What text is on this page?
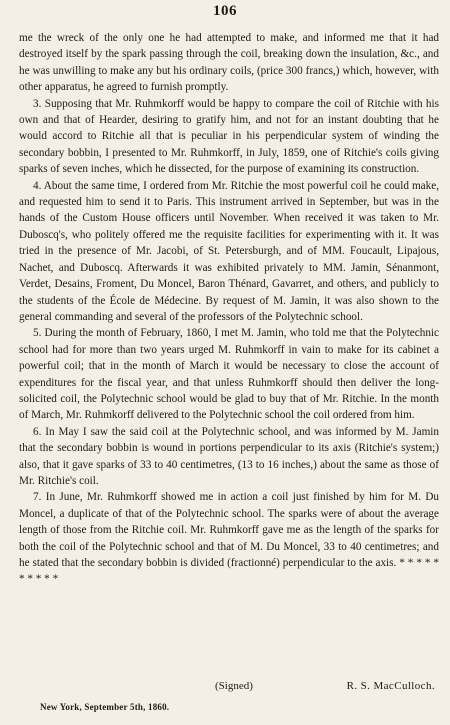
106

me the wreck of the only one he had attempted to make, and informed me that it had destroyed itself by the spark passing through the coil, breaking down the insulation, &c., and he was unwilling to make any but his ordinary coils, (price 300 francs,) which, however, with other apparatus, he agreed to furnish promptly.

3. Supposing that Mr. Ruhmkorff would be happy to compare the coil of Ritchie with his own and that of Hearder, desiring to gratify him, and not for an instant doubting that he would accord to Ritchie all that is peculiar in his perpendicular system of winding the secondary bobbin, I presented to Mr. Ruhmkorff, in July, 1859, one of Ritchie's coils giving sparks of seven inches, which he dissected, for the purpose of examining its construction.

4. About the same time, I ordered from Mr. Ritchie the most powerful coil he could make, and requested him to send it to Paris. This instrument arrived in September, but was in the hands of the Custom House officers until November. When received it was taken to Mr. Duboscq's, who politely offered me the requisite facilities for experimenting with it. It was tried in the presence of Mr. Jacobi, of St. Petersburgh, and of MM. Foucault, Lipajous, Nachet, and Duboscq. Afterwards it was exhibited privately to MM. Jamin, Sénanmont, Verdet, Desains, Froment, Du Moncel, Baron Thénard, Gavarret, and others, and publicly to the students of the École de Médecine. By request of M. Jamin, it was also shown to the general commanding and several of the professors of the Polytechnic school.

5. During the month of February, 1860, I met M. Jamin, who told me that the Polytechnic school had for more than two years urged M. Ruhmkorff in vain to make for its cabinet a powerful coil; that in the month of March it would be necessary to close the account of expenditures for the fiscal year, and that unless Ruhmkorff should then deliver the long-solicited coil, the Polytechnic school would be glad to buy that of Mr. Ritchie. In the month of March, Mr. Ruhmkorff delivered to the Polytechnic school the coil ordered from him.

6. In May I saw the said coil at the Polytechnic school, and was informed by M. Jamin that the secondary bobbin is wound in portions perpendicular to its axis (Ritchie's system;) also, that it gave sparks of 33 to 40 centimetres, (13 to 16 inches,) about the same as those of Mr. Ritchie's coil.

7. In June, Mr. Ruhmkorff showed me in action a coil just finished by him for M. Du Moncel, a duplicate of that of the Polytechnic school. The sparks were of about the average length of those from the Ritchie coil. Mr. Ruhmkorff gave me as the length of the sparks for both the coil of the Polytechnic school and that of M. Du Moncel, 33 to 40 centimetres; and he stated that the secondary bobbin is divided (fractionné) perpendicular to the axis. * * * * * * * * * *

(Signed)	R. S. MacCulloch.
New York, September 5th, 1860.
